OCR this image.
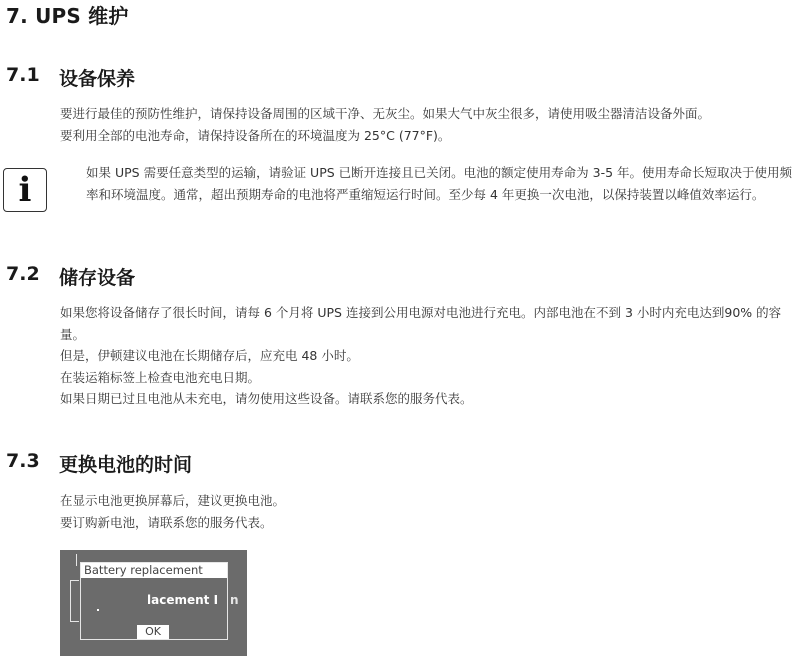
7. UPS 维护
7.1	设备保养

要进行最佳的预防性维护，请保持设备周围的区域干净、无灰尘。如果大气中灰尘很多，请使用吸尘器清洁设备外面。

要利用全部的电池寿命，请保持设备所在的环境温度为 25°C (77°F)。

i	如果 UPS 需要任意类型的运输，请验证 UPS 已断开连接且已关闭。电池的额定使用寿命为 3-5 年。使用寿命长短取决于使用频率和环境温度。通常，超出预期寿命的电池将严重缩短运行时间。至少每 4 年更换一次电池，以保持装置以峰值效率运行。
7.2	储存设备

如果您将设备储存了很长时间，请每 6 个月将 UPS 连接到公用电源对电池进行充电。内部电池在不到 3 小时内充电达到90% 的容量。

但是，伊顿建议电池在长期储存后，应充电 48 小时。

在装运箱标签上检查电池充电日期。

如果日期已过且电池从未充电，请勿使用这些设备。请联系您的服务代表。

7.3	更换电池的时间

在显示电池更换屏幕后，建议更换电池。

要订购新电池，请联系您的服务代表。

Battery replacement
lacement I
OK
n
